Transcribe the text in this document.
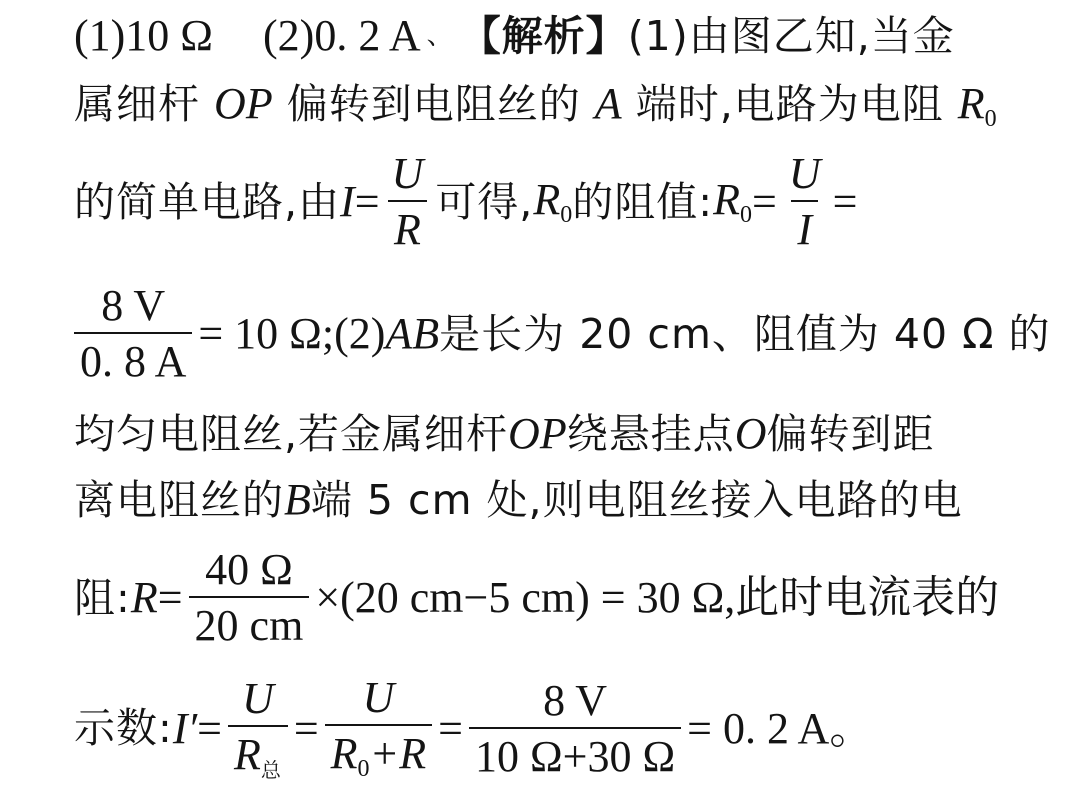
(1)10 Ω (2)0. 2 A 、 【解析】 (1)由图乙知,当金
属细杆 OP 偏转到电阻丝的 A 端时,电路为电阻 $R_0$
的简单电路,由 $I = \frac{U}{R}$ 可得, $R_0$ 的阻值: $R_0 = \frac{U}{I}$ =
$\frac{8 V}{0. 8 A} = 10$ Ω;(2) AB 是长为 20 cm、阻值为 40 Ω 的
均匀电阻丝,若金属细杆 OP 绕悬挂点 O 偏转到距
离电阻丝的 B 端 5 cm 处,则电阻丝接入电路的电
阻: $R = \frac{40 \Omega}{20 cm} \times(20$ cm−5 cm) = 30 Ω,此时电流表的
示数: $I' = \frac{U}{R_总} = \frac{U}{R_0+R} = \frac{8 V}{10 \Omega+30 \Omega} = 0$. 2 A。
